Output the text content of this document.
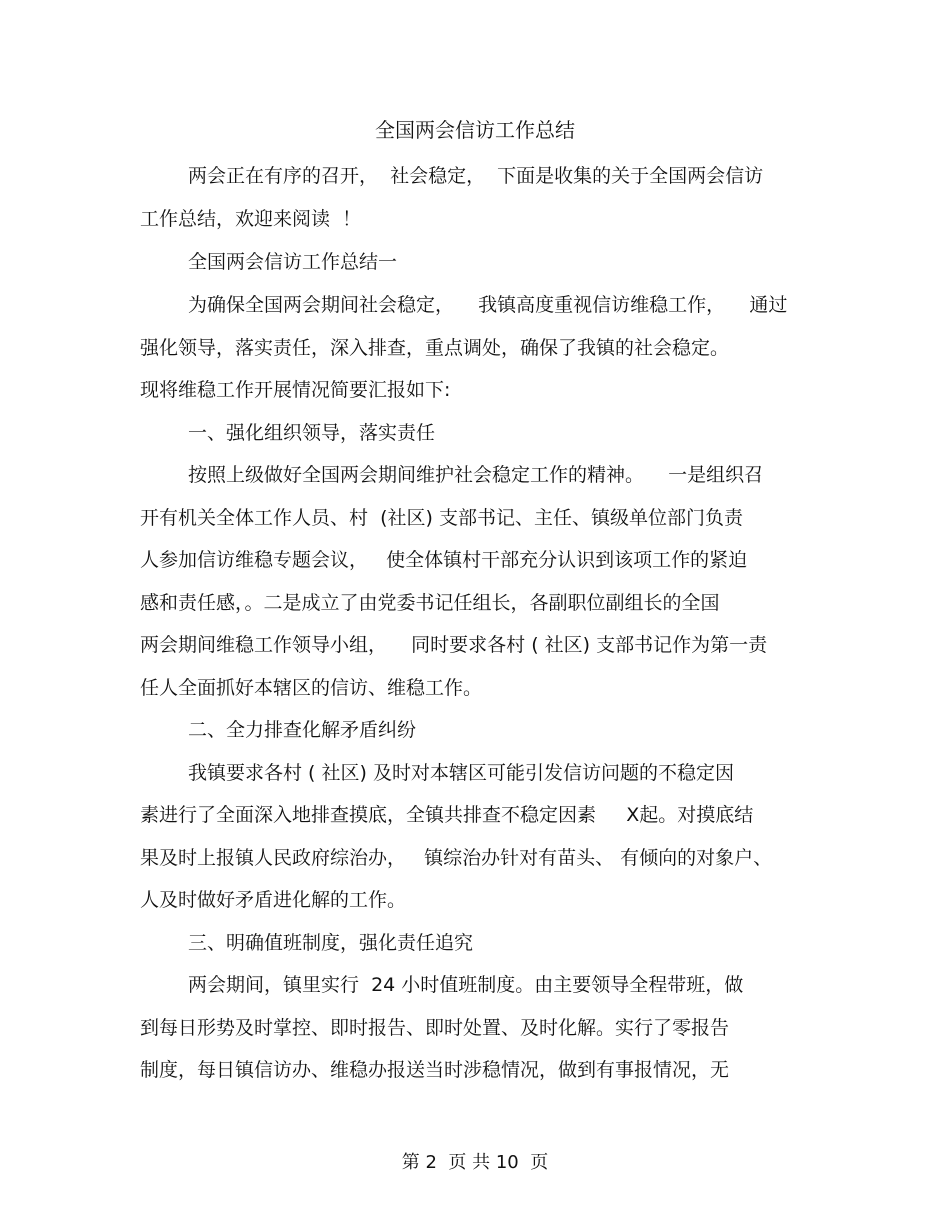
全国两会信访工作总结
两会正在有序的召开，  社会稳定，  下面是收集的关于全国两会信访
工作总结，欢迎来阅读  ！
全国两会信访工作总结一
为确保全国两会期间社会稳定，    我镇高度重视信访维稳工作，    通过
强化领导，落实责任，深入排查，重点调处，确保了我镇的社会稳定。
现将维稳工作开展情况简要汇报如下:
一、强化组织领导，落实责任
按照上级做好全国两会期间维护社会稳定工作的精神。    一是组织召
开有机关全体工作人员、村  (社区) 支部书记、主任、镇级单位部门负责
人参加信访维稳专题会议，   使全体镇村干部充分认识到该项工作的紧迫
感和责任感，。二是成立了由党委书记任组长，各副职位副组长的全国
两会期间维稳工作领导小组，    同时要求各村 ( 社区) 支部书记作为第一责
任人全面抓好本辖区的信访、维稳工作。
二、全力排查化解矛盾纠纷
我镇要求各村 ( 社区) 及时对本辖区可能引发信访问题的不稳定因
素进行了全面深入地排查摸底，全镇共排查不稳定因素     X起。对摸底结
果及时上报镇人民政府综治办，   镇综治办针对有苗头、 有倾向的对象户、
人及时做好矛盾进化解的工作。
三、明确值班制度，强化责任追究
两会期间，镇里实行  24 小时值班制度。由主要领导全程带班，做
到每日形势及时掌控、即时报告、即时处置、及时化解。实行了零报告
制度，每日镇信访办、维稳办报送当时涉稳情况，做到有事报情况，无
第 2  页 共 10  页
